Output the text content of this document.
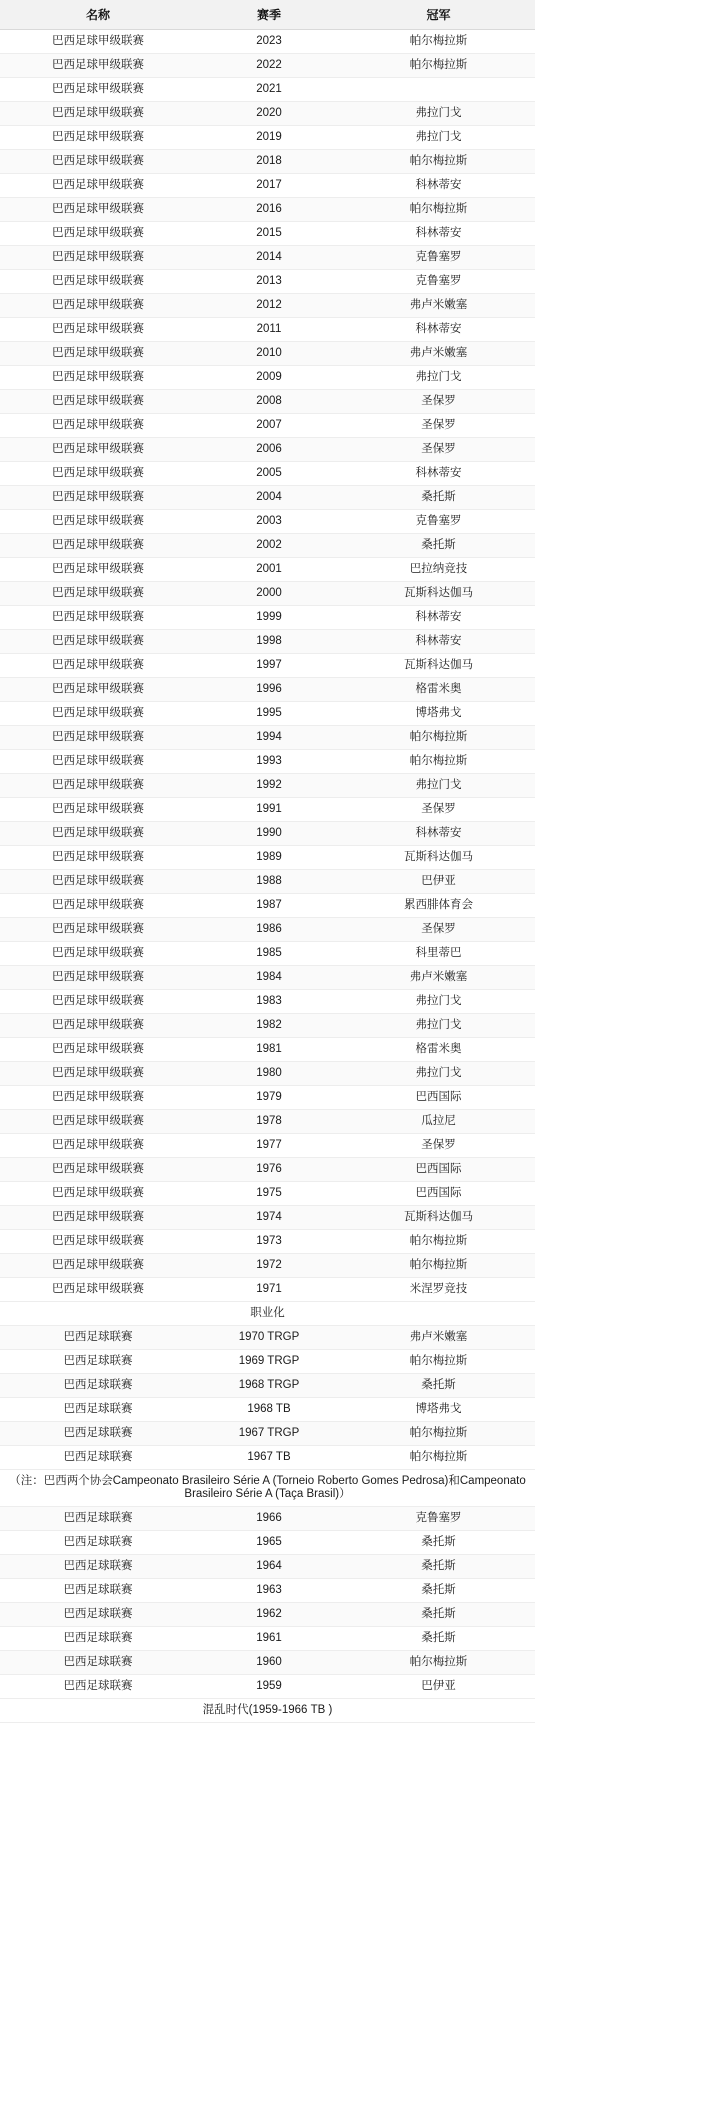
名称	赛季	冠军
巴西足球甲级联赛	2023	帕尔梅拉斯
巴西足球甲级联赛	2022	帕尔梅拉斯
巴西足球甲级联赛	2021	
巴西足球甲级联赛	2020	弗拉门戈
巴西足球甲级联赛	2019	弗拉门戈
巴西足球甲级联赛	2018	帕尔梅拉斯
巴西足球甲级联赛	2017	科林蒂安
巴西足球甲级联赛	2016	帕尔梅拉斯
巴西足球甲级联赛	2015	科林蒂安
巴西足球甲级联赛	2014	克鲁塞罗
巴西足球甲级联赛	2013	克鲁塞罗
巴西足球甲级联赛	2012	弗卢米嫩塞
巴西足球甲级联赛	2011	科林蒂安
巴西足球甲级联赛	2010	弗卢米嫩塞
巴西足球甲级联赛	2009	弗拉门戈
巴西足球甲级联赛	2008	圣保罗
巴西足球甲级联赛	2007	圣保罗
巴西足球甲级联赛	2006	圣保罗
巴西足球甲级联赛	2005	科林蒂安
巴西足球甲级联赛	2004	桑托斯
巴西足球甲级联赛	2003	克鲁塞罗
巴西足球甲级联赛	2002	桑托斯
巴西足球甲级联赛	2001	巴拉纳竞技
巴西足球甲级联赛	2000	瓦斯科达伽马
巴西足球甲级联赛	1999	科林蒂安
巴西足球甲级联赛	1998	科林蒂安
巴西足球甲级联赛	1997	瓦斯科达伽马
巴西足球甲级联赛	1996	格雷米奥
巴西足球甲级联赛	1995	博塔弗戈
巴西足球甲级联赛	1994	帕尔梅拉斯
巴西足球甲级联赛	1993	帕尔梅拉斯
巴西足球甲级联赛	1992	弗拉门戈
巴西足球甲级联赛	1991	圣保罗
巴西足球甲级联赛	1990	科林蒂安
巴西足球甲级联赛	1989	瓦斯科达伽马
巴西足球甲级联赛	1988	巴伊亚
巴西足球甲级联赛	1987	累西腓体育会
巴西足球甲级联赛	1986	圣保罗
巴西足球甲级联赛	1985	科里蒂巴
巴西足球甲级联赛	1984	弗卢米嫩塞
巴西足球甲级联赛	1983	弗拉门戈
巴西足球甲级联赛	1982	弗拉门戈
巴西足球甲级联赛	1981	格雷米奥
巴西足球甲级联赛	1980	弗拉门戈
巴西足球甲级联赛	1979	巴西国际
巴西足球甲级联赛	1978	瓜拉尼
巴西足球甲级联赛	1977	圣保罗
巴西足球甲级联赛	1976	巴西国际
巴西足球甲级联赛	1975	巴西国际
巴西足球甲级联赛	1974	瓦斯科达伽马
巴西足球甲级联赛	1973	帕尔梅拉斯
巴西足球甲级联赛	1972	帕尔梅拉斯
巴西足球甲级联赛	1971	米涅罗竞技
职业化		
巴西足球联赛	1970 TRGP	弗卢米嫩塞
巴西足球联赛	1969 TRGP	帕尔梅拉斯
巴西足球联赛	1968 TRGP	桑托斯
巴西足球联赛	1968 TB	博塔弗戈
巴西足球联赛	1967 TRGP	帕尔梅拉斯
巴西足球联赛	1967 TB	帕尔梅拉斯
（注：巴西两个协会Campeonato Brasileiro Série A (Torneio Roberto Gomes Pedrosa)和Campeonato Brasileiro Série A (Taça Brasil)）		
巴西足球联赛	1966	克鲁塞罗
巴西足球联赛	1965	桑托斯
巴西足球联赛	1964	桑托斯
巴西足球联赛	1963	桑托斯
巴西足球联赛	1962	桑托斯
巴西足球联赛	1961	桑托斯
巴西足球联赛	1960	帕尔梅拉斯
巴西足球联赛	1959	巴伊亚
混乱时代(1959-1966 TB )		
